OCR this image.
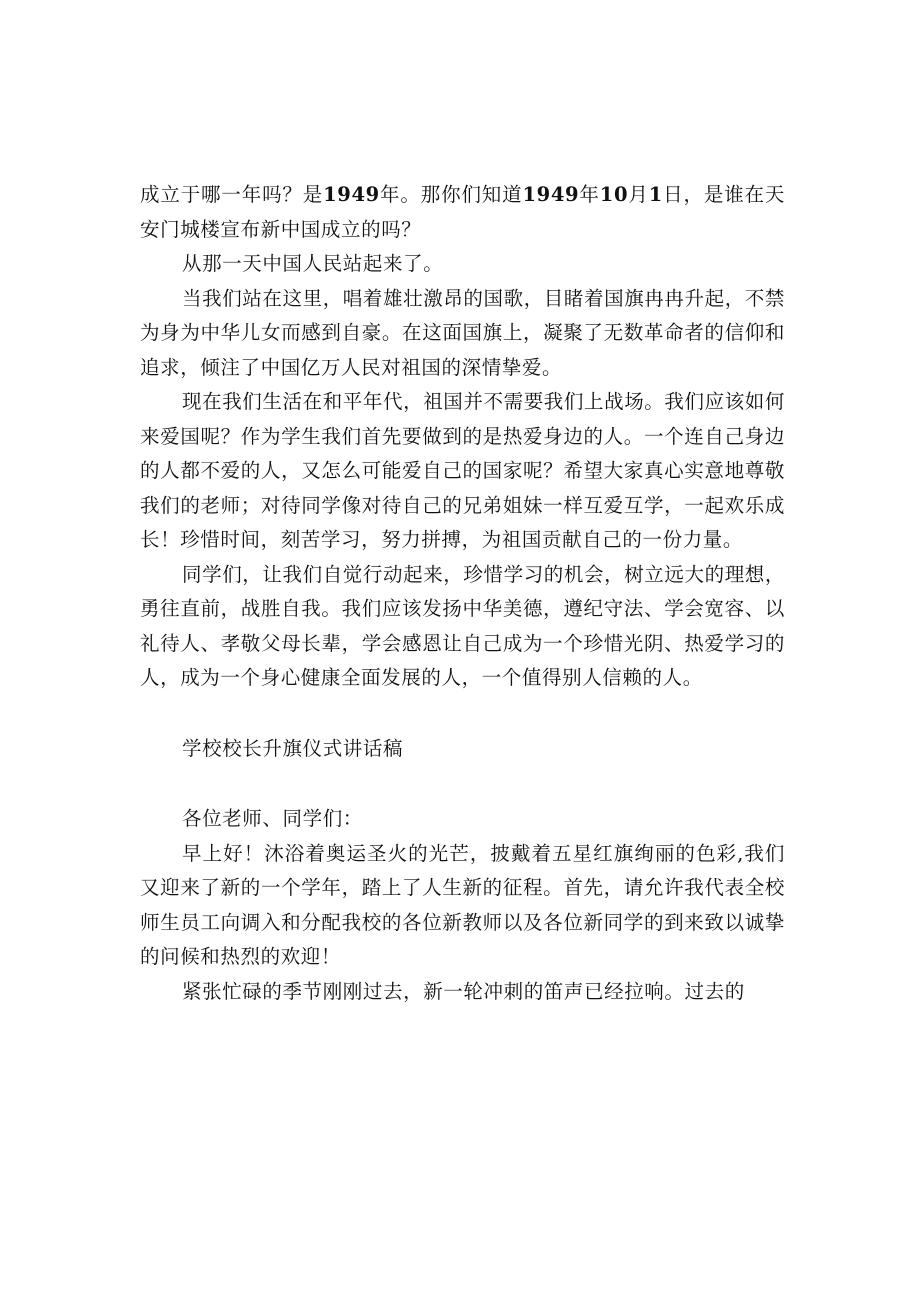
成立于哪一年吗？是1949年。那你们知道1949年10月1日，是谁在天安门城楼宣布新中国成立的吗？

从那一天中国人民站起来了。

当我们站在这里，唱着雄壮激昂的国歌，目睹着国旗冉冉升起，不禁为身为中华儿女而感到自豪。在这面国旗上，凝聚了无数革命者的信仰和追求，倾注了中国亿万人民对祖国的深情挚爱。

现在我们生活在和平年代，祖国并不需要我们上战场。我们应该如何来爱国呢？作为学生我们首先要做到的是热爱身边的人。一个连自己身边的人都不爱的人，又怎么可能爱自己的国家呢？希望大家真心实意地尊敬我们的老师；对待同学像对待自己的兄弟姐妹一样互爱互学，一起欢乐成长！珍惜时间，刻苦学习，努力拼搏，为祖国贡献自己的一份力量。

同学们，让我们自觉行动起来，珍惜学习的机会，树立远大的理想，勇往直前，战胜自我。我们应该发扬中华美德，遵纪守法、学会宽容、以礼待人、孝敬父母长辈，学会感恩让自己成为一个珍惜光阴、热爱学习的人，成为一个身心健康全面发展的人，一个值得别人信赖的人。

学校校长升旗仪式讲话稿

各位老师、同学们：

早上好！沐浴着奥运圣火的光芒，披戴着五星红旗绚丽的色彩,我们又迎来了新的一个学年，踏上了人生新的征程。首先，请允许我代表全校师生员工向调入和分配我校的各位新教师以及各位新同学的到来致以诚挚的问候和热烈的欢迎！

紧张忙碌的季节刚刚过去，新一轮冲刺的笛声已经拉响。过去的
